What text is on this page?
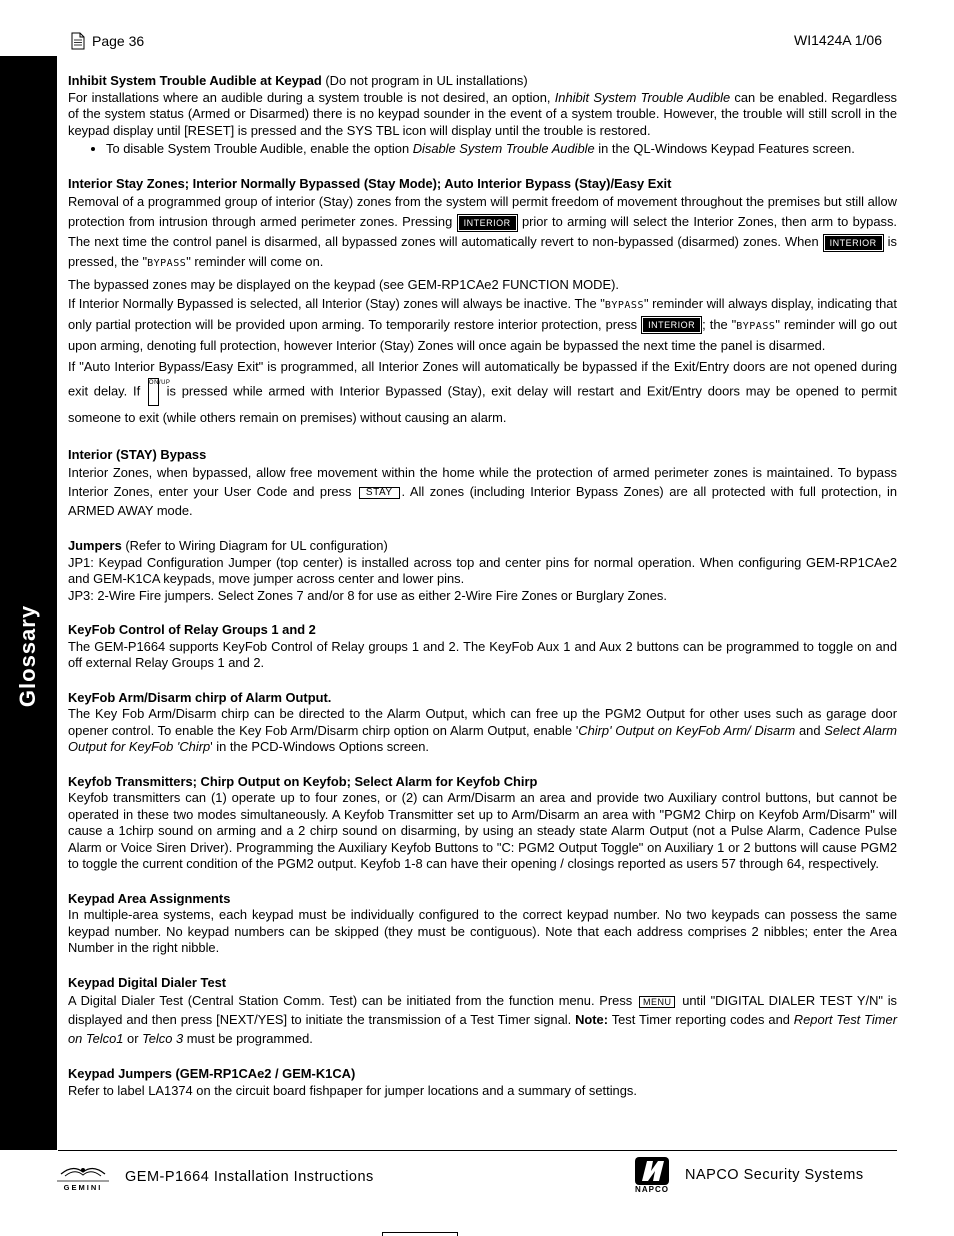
Page 36	WI1424A 1/06
Glossary
Inhibit System Trouble Audible at Keypad (Do not program in UL installations)

For installations where an audible during a system trouble is not desired, an option, Inhibit System Trouble Audible can be enabled. Regardless of the system status (Armed or Disarmed) there is no keypad sounder in the event of a system trouble. However, the trouble will still scroll in the keypad display until [RESET] is pressed and the SYS TBL icon will display until the trouble is restored.

• To disable System Trouble Audible, enable the option Disable System Trouble Audible in the QL-Windows Keypad Features screen.
Interior Stay Zones; Interior Normally Bypassed (Stay Mode); Auto Interior Bypass (Stay)/Easy Exit

Removal of a programmed group of interior (Stay) zones from the system will permit freedom of movement throughout the premises but still allow protection from intrusion through armed perimeter zones. Pressing INTERIOR prior to arming will select the Interior Zones, then arm to bypass. The next time the control panel is disarmed, all bypassed zones will automatically revert to non-bypassed (disarmed) zones. When INTERIOR is pressed, the "BYPASS" reminder will come on.

The bypassed zones may be displayed on the keypad (see GEM-RP1CAe2 FUNCTION MODE).

If Interior Normally Bypassed is selected, all Interior (Stay) zones will always be inactive. The "BYPASS" reminder will always display, indicating that only partial protection will be provided upon arming. To temporarily restore interior protection, press INTERIOR ; the "BYPASS" reminder will go out upon arming, denoting full protection, however Interior (Stay) Zones will once again be bypassed the next time the panel is disarmed.

If "Auto Interior Bypass/Easy Exit" is programmed, all Interior Zones will automatically be bypassed if the Exit/Entry doors are not opened during exit delay. If ON/UP is pressed while armed with Interior Bypassed (Stay), exit delay will restart and Exit/Entry doors may be opened to permit someone to exit (while others remain on premises) without causing an alarm.

Interior (STAY) Bypass

Interior Zones, when bypassed, allow free movement within the home while the protection of armed perimeter zones is maintained. To bypass Interior Zones, enter your User Code and press STAY . All zones (including Interior Bypass Zones) are all protected with full protection, in ARMED AWAY mode.

Jumpers (Refer to Wiring Diagram for UL configuration)

JP1: Keypad Configuration Jumper (top center) is installed across top and center pins for normal operation. When configuring GEM-RP1CAe2 and GEM-K1CA keypads, move jumper across center and lower pins.

JP3: 2-Wire Fire jumpers. Select Zones 7 and/or 8 for use as either 2-Wire Fire Zones or Burglary Zones.

KeyFob Control of Relay Groups 1 and 2

The GEM-P1664 supports KeyFob Control of Relay groups 1 and 2. The KeyFob Aux 1 and Aux 2 buttons can be programmed to toggle on and off external Relay Groups 1 and 2.

KeyFob Arm/Disarm chirp of Alarm Output.

The Key Fob Arm/Disarm chirp can be directed to the Alarm Output, which can free up the PGM2 Output for other uses such as garage door opener control. To enable the Key Fob Arm/Disarm chirp option on Alarm Output, enable 'Chirp' Output on KeyFob Arm/ Disarm and Select Alarm Output for KeyFob 'Chirp' in the PCD-Windows Options screen.

Keyfob Transmitters; Chirp Output on Keyfob; Select Alarm for Keyfob Chirp

Keyfob transmitters can (1) operate up to four zones, or (2) can Arm/Disarm an area and provide two Auxiliary control buttons, but cannot be operated in these two modes simultaneously. A Keyfob Transmitter set up to Arm/Disarm an area with "PGM2 Chirp on Keyfob Arm/Disarm" will cause a 1chirp sound on arming and a 2 chirp sound on disarming, by using an steady state Alarm Output (not a Pulse Alarm, Cadence Pulse Alarm or Voice Siren Driver). Programming the Auxiliary Keyfob Buttons to "C: PGM2 Output Toggle" on Auxiliary 1 or 2 buttons will cause PGM2 to toggle the current condition of the PGM2 output. Keyfob 1-8 can have their opening / closings reported as users 57 through 64, respectively.

Keypad Area Assignments

In multiple-area systems, each keypad must be individually configured to the correct keypad number. No two keypads can possess the same keypad number. No keypad numbers can be skipped (they must be contiguous). Note that each address comprises 2 nibbles; enter the Area Number in the right nibble.

Keypad Digital Dialer Test

A Digital Dialer Test (Central Station Comm. Test) can be initiated from the function menu. Press MENU until "DIGITAL DIALER TEST Y/N" is displayed and then press [NEXT/YES] to initiate the transmission of a Test Timer signal. Note: Test Timer reporting codes and Report Test Timer on Telco1 or Telco 3 must be programmed.

Keypad Jumpers (GEM-RP1CAe2 / GEM-K1CA)

Refer to label LA1374 on the circuit board fishpaper for jumper locations and a summary of settings.

GEMINI
GEM-P1664 Installation Instructions
NAPCO
NAPCO Security Systems
